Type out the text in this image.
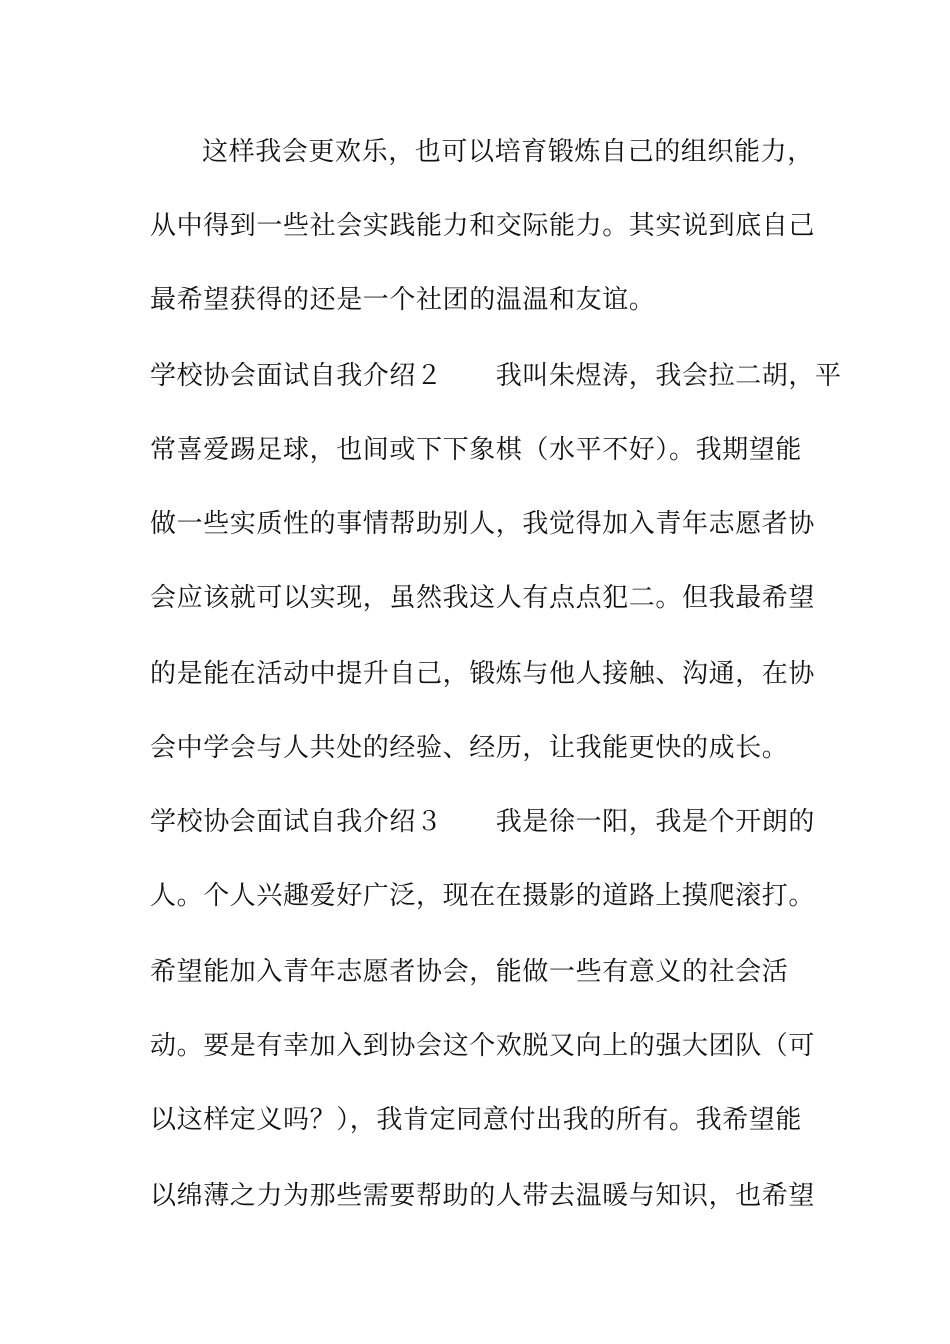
这样我会更欢乐，也可以培育锻炼自己的组织能力，
从中得到一些社会实践能力和交际能力。其实说到底自己
最希望获得的还是一个社团的温温和友谊。
学校协会面试自我介绍２　　我叫朱煜涛，我会拉二胡，平
常喜爱踢足球，也间或下下象棋（水平不好）。我期望能
做一些实质性的事情帮助别人，我觉得加入青年志愿者协
会应该就可以实现，虽然我这人有点点犯二。但我最希望
的是能在活动中提升自己，锻炼与他人接触、沟通，在协
会中学会与人共处的经验、经历，让我能更快的成长。
学校协会面试自我介绍３　　我是徐一阳，我是个开朗的
人。个人兴趣爱好广泛，现在在摄影的道路上摸爬滚打。
希望能加入青年志愿者协会，能做一些有意义的社会活
动。要是有幸加入到协会这个欢脱又向上的强大团队（可
以这样定义吗？），我肯定同意付出我的所有。我希望能
以绵薄之力为那些需要帮助的人带去温暖与知识，也希望
